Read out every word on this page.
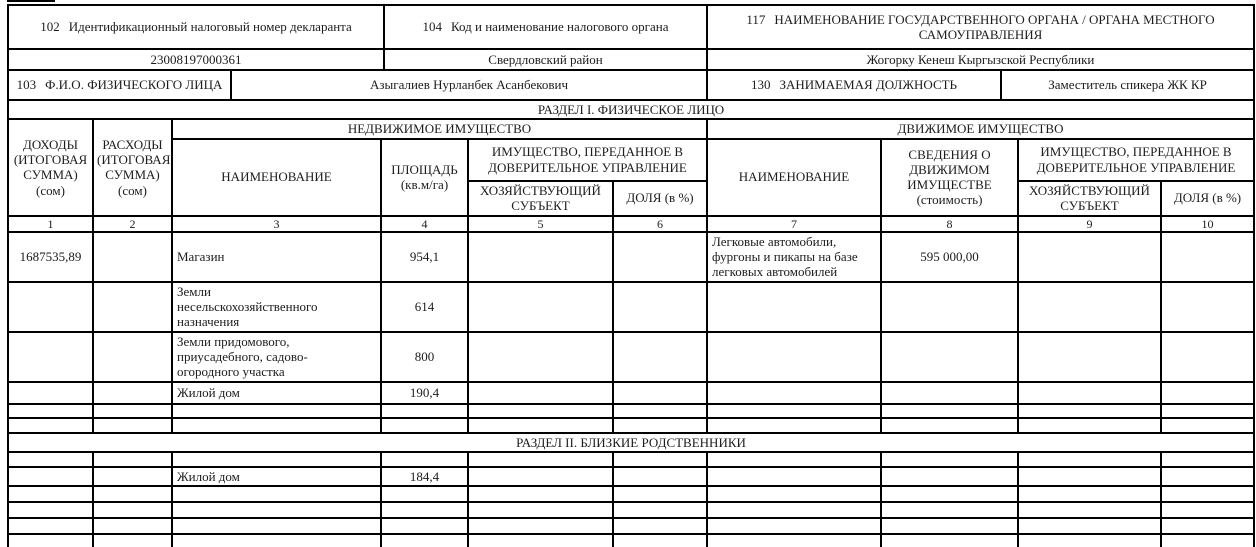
102 Идентификационный налоговый номер декларанта		104 Код и наименование налогового органа	117 НАИМЕНОВАНИЕ ГОСУДАРСТВЕННОГО ОРГАНА / ОРГАНА МЕСТНОГО САМОУПРАВЛЕНИЯ	
23008197000361		Свердловский район	Жогорку Кенеш Кыргызской Республики	
103 Ф.И.О. ФИЗИЧЕСКОГО ЛИЦА	Азыгалиев Нурланбек Асанбекович		130 ЗАНИМАЕМАЯ ДОЛЖНОСТЬ	Заместитель спикера ЖК КР
РАЗДЕЛ I. ФИЗИЧЕСКОЕ ЛИЦО									
ДОХОДЫ (ИТОГОВАЯ СУММА) (сом)	РАСХОДЫ (ИТОГОВАЯ СУММА) (сом)	НЕДВИЖИМОЕ ИМУЩЕСТВО				ДВИЖИМОЕ ИМУЩЕСТВО			
		НАИМЕНОВАНИЕ	ПЛОЩАДЬ (кв.м/га)	ИМУЩЕСТВО, ПЕРЕДАННОЕ В ДОВЕРИТЕЛЬНОЕ УПРАВЛЕНИЕ		НАИМЕНОВАНИЕ	СВЕДЕНИЯ О ДВИЖИМОМ ИМУЩЕСТВЕ (стоимость)	ИМУЩЕСТВО, ПЕРЕДАННОЕ В ДОВЕРИТЕЛЬНОЕ УПРАВЛЕНИЕ	
				ХОЗЯЙСТВУЮЩИЙ СУБЪЕКТ	ДОЛЯ (в %)			ХОЗЯЙСТВУЮЩИЙ СУБЪЕКТ	ДОЛЯ (в %)
1	2	3	4	5	6	7	8	9	10
1687535,89		Магазин	954,1			Легковые автомобили, фургоны и пикапы на базе легковых автомобилей	595 000,00		
		Земли несельскохозяйственного назначения	614						
		Земли придомового, приусадебного, садово-огородного участка	800						
		Жилой дом	190,4						

РАЗДЕЛ II. БЛИЗКИЕ РОДСТВЕННИКИ									

		Жилой дом	184,4						
